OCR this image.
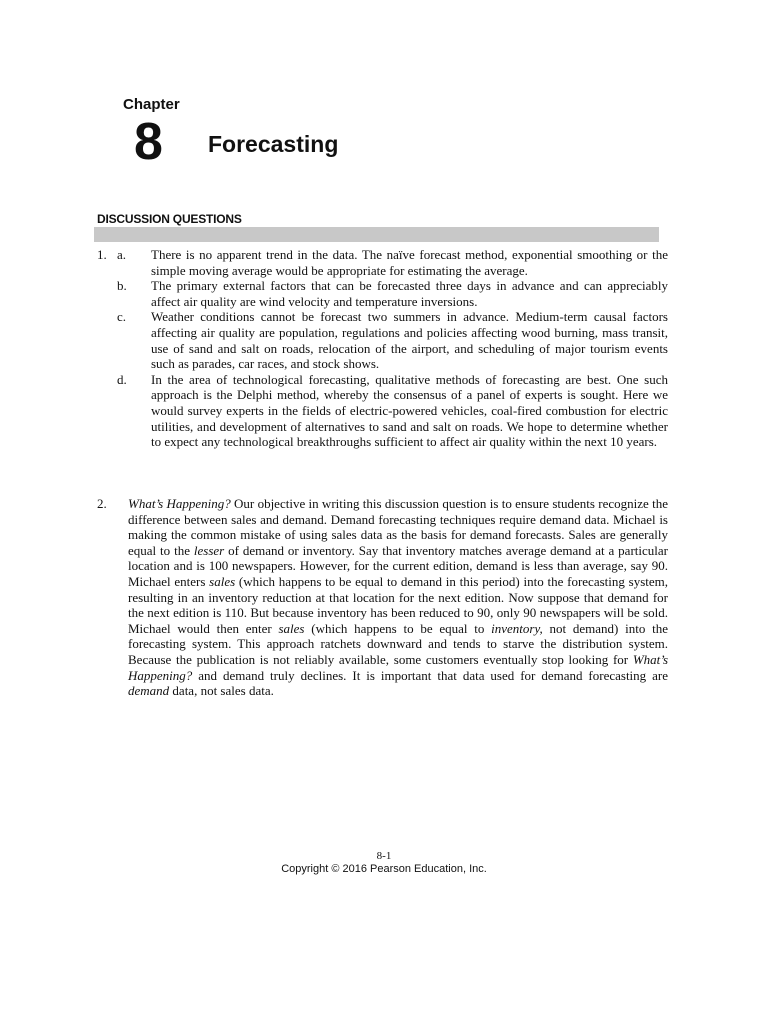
Chapter
8 Forecasting
DISCUSSION QUESTIONS
1. a. There is no apparent trend in the data. The naïve forecast method, exponential smoothing or the simple moving average would be appropriate for estimating the average.
b. The primary external factors that can be forecasted three days in advance and can appreciably affect air quality are wind velocity and temperature inversions.
c. Weather conditions cannot be forecast two summers in advance. Medium-term causal factors affecting air quality are population, regulations and policies affecting wood burning, mass transit, use of sand and salt on roads, relocation of the airport, and scheduling of major tourism events such as parades, car races, and stock shows.
d. In the area of technological forecasting, qualitative methods of forecasting are best. One such approach is the Delphi method, whereby the consensus of a panel of experts is sought. Here we would survey experts in the fields of electric-powered vehicles, coal-fired combustion for electric utilities, and development of alternatives to sand and salt on roads. We hope to determine whether to expect any technological breakthroughs sufficient to affect air quality within the next 10 years.
2.	What’s Happening? Our objective in writing this discussion question is to ensure students recognize the difference between sales and demand. Demand forecasting techniques require demand data. Michael is making the common mistake of using sales data as the basis for demand forecasts. Sales are generally equal to the lesser of demand or inventory. Say that inventory matches average demand at a particular location and is 100 newspapers. However, for the current edition, demand is less than average, say 90. Michael enters sales (which happens to be equal to demand in this period) into the forecasting system, resulting in an inventory reduction at that location for the next edition. Now suppose that demand for the next edition is 110. But because inventory has been reduced to 90, only 90 newspapers will be sold. Michael would then enter sales (which happens to be equal to inventory, not demand) into the forecasting system. This approach ratchets downward and tends to starve the distribution system. Because the publication is not reliably available, some customers eventually stop looking for What’s Happening? and demand truly declines. It is important that data used for demand forecasting are demand data, not sales data.
8-1
Copyright © 2016 Pearson Education, Inc.
